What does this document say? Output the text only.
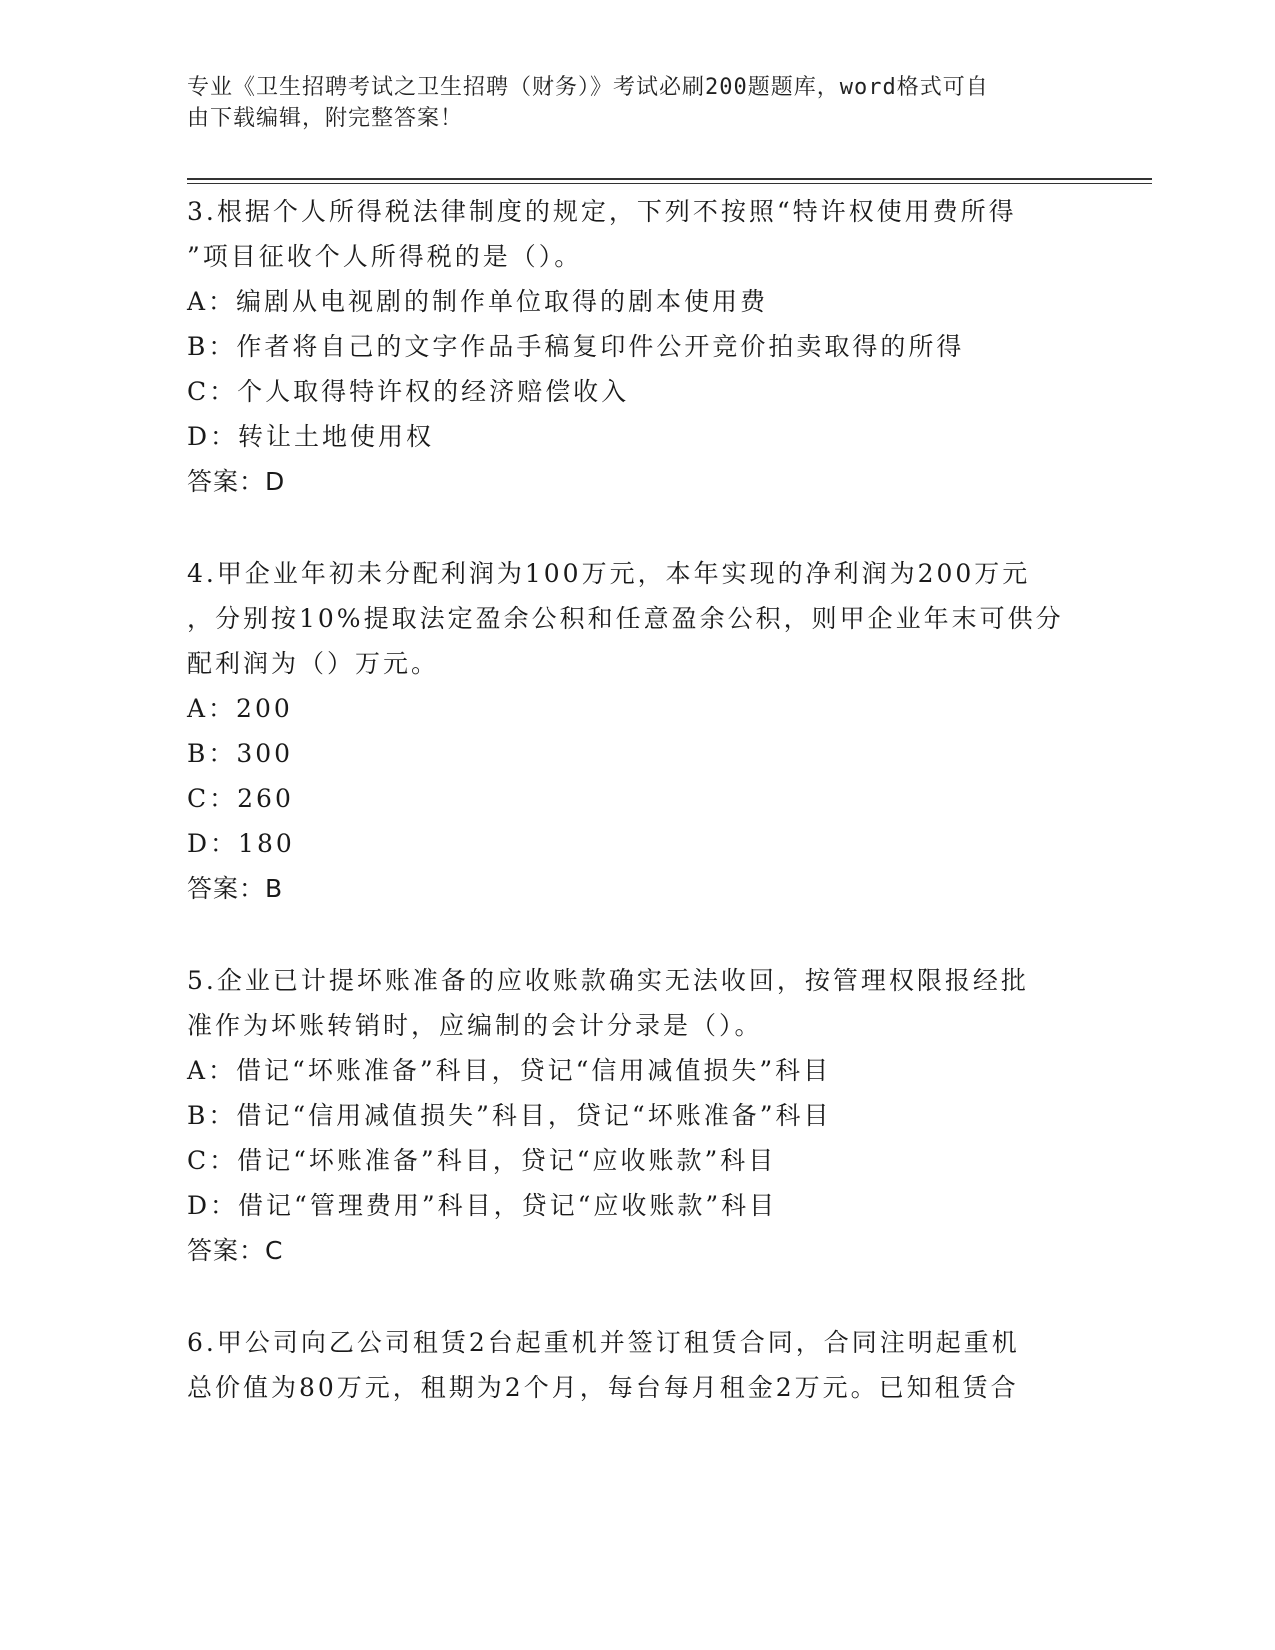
专业《卫生招聘考试之卫生招聘（财务）》考试必刷200题题库，word格式可自
由下载编辑，附完整答案！
3.根据个人所得税法律制度的规定，下列不按照“特许权使用费所得
”项目征收个人所得税的是（）。
A：编剧从电视剧的制作单位取得的剧本使用费
B：作者将自己的文字作品手稿复印件公开竞价拍卖取得的所得
C：个人取得特许权的经济赔偿收入
D：转让土地使用权
答案：D
4.甲企业年初未分配利润为100万元，本年实现的净利润为200万元
，分别按10%提取法定盈余公积和任意盈余公积，则甲企业年末可供分
配利润为（）万元。
A：200
B：300
C：260
D：180
答案：B
5.企业已计提坏账准备的应收账款确实无法收回，按管理权限报经批
准作为坏账转销时，应编制的会计分录是（）。
A：借记“坏账准备”科目，贷记“信用减值损失”科目
B：借记“信用减值损失”科目，贷记“坏账准备”科目
C：借记“坏账准备”科目，贷记“应收账款”科目
D：借记“管理费用”科目，贷记“应收账款”科目
答案：C
6.甲公司向乙公司租赁2台起重机并签订租赁合同，合同注明起重机
总价值为80万元，租期为2个月，每台每月租金2万元。已知租赁合
